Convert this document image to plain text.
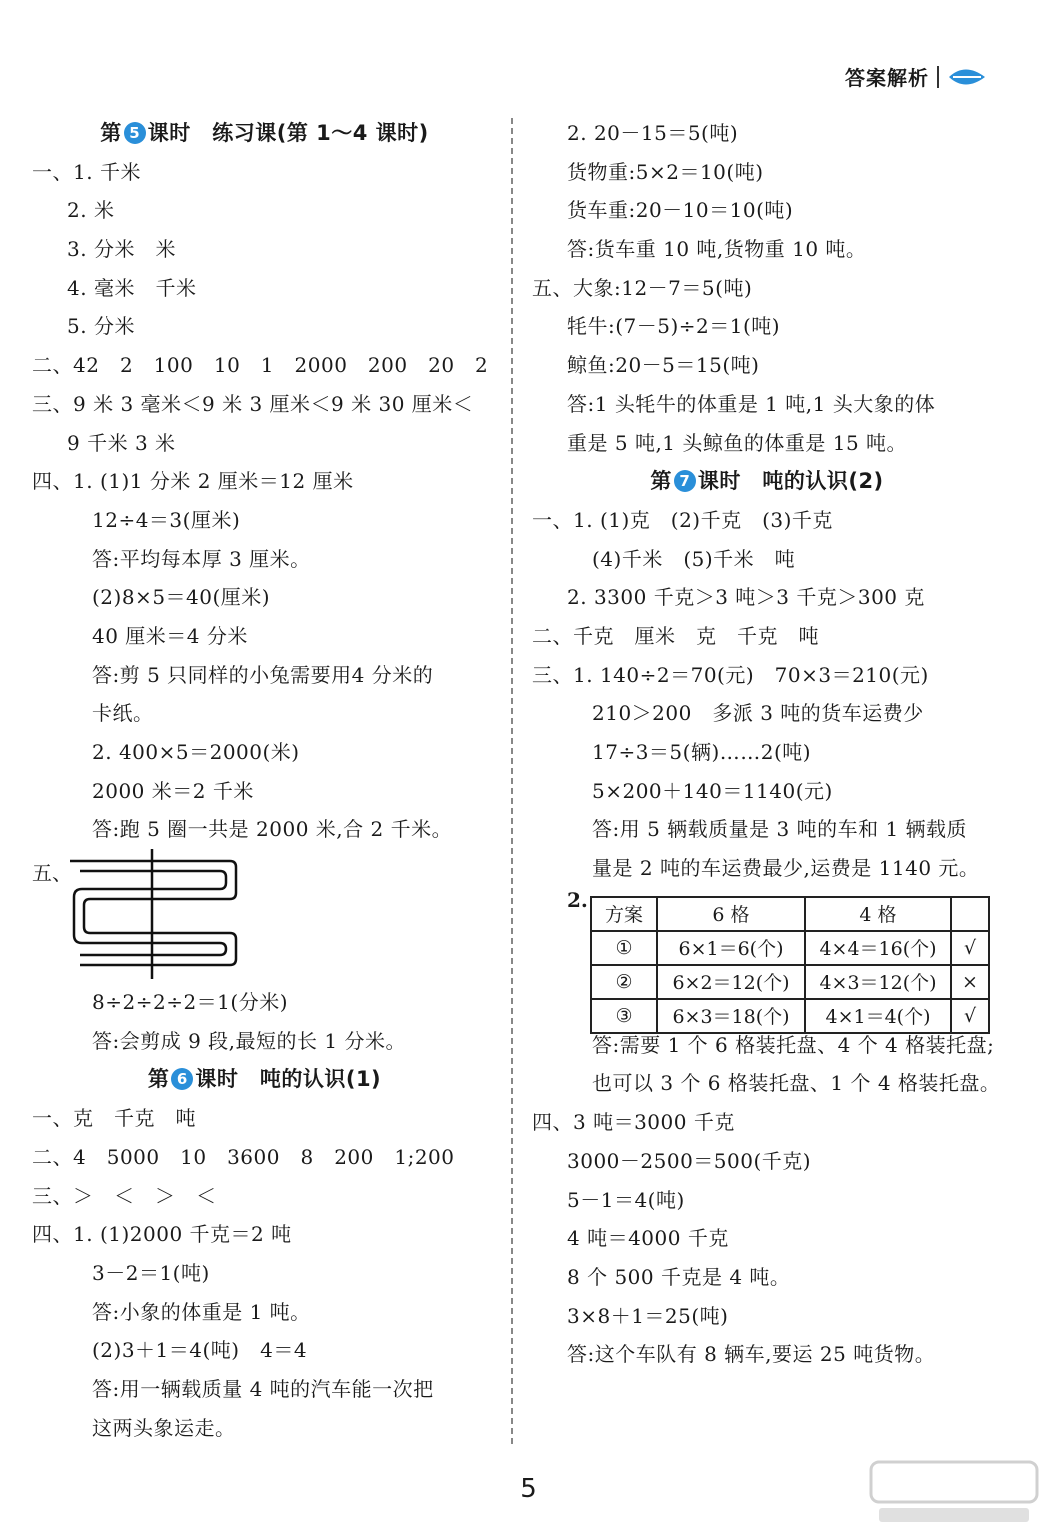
答案解析
第 5 课时　练习课(第 1～4 课时)
一、1. 千米
2. 米
3. 分米　米
4. 毫米　千米
5. 分米
二、42　2　100　10　1　2000　200　20　2
三、9 米 3 毫米＜9 米 3 厘米＜9 米 30 厘米＜
9 千米 3 米
四、1. (1)1 分米 2 厘米＝12 厘米
12÷4＝3(厘米)
答:平均每本厚 3 厘米。
(2)8×5＝40(厘米)
40 厘米＝4 分米
答:剪 5 只同样的小兔需要用4 分米的
卡纸。
2. 400×5＝2000(米)
2000 米＝2 千米
答:跑 5 圈一共是 2000 米,合 2 千米。
五、
8÷2÷2÷2＝1(分米)
答:会剪成 9 段,最短的长 1 分米。
第 6 课时　吨的认识(1)
一、克　千克　吨
二、4　5000　10　3600　8　200　1;200
三、＞　＜　＞　＜
四、1. (1)2000 千克＝2 吨
3－2＝1(吨)
答:小象的体重是 1 吨。
(2)3＋1＝4(吨)　4＝4
答:用一辆载质量 4 吨的汽车能一次把
这两头象运走。
2. 20－15＝5(吨)
货物重:5×2＝10(吨)
货车重:20－10＝10(吨)
答:货车重 10 吨,货物重 10 吨。
五、大象:12－7＝5(吨)
牦牛:(7－5)÷2＝1(吨)
鲸鱼:20－5＝15(吨)
答:1 头牦牛的体重是 1 吨,1 头大象的体
重是 5 吨,1 头鲸鱼的体重是 15 吨。
第 7 课时　吨的认识(2)
一、1. (1)克　(2)千克　(3)千克
(4)千米　(5)千米　吨
2. 3300 千克＞3 吨＞3 千克＞300 克
二、千克　厘米　克　千克　吨
三、1. 140÷2＝70(元)　70×3＝210(元)
210＞200　多派 3 吨的货车运费少
17÷3＝5(辆)……2(吨)
5×200＋140＝1140(元)
答:用 5 辆载质量是 3 吨的车和 1 辆载质
量是 2 吨的车运费最少,运费是 1140 元。
2.
方案	6 格	4 格	
①	6×1＝6(个)	4×4＝16(个)	√
②	6×2＝12(个)	4×3＝12(个)	×
③	6×3＝18(个)	4×1＝4(个)	√
答:需要 1 个 6 格装托盘、4 个 4 格装托盘;
也可以 3 个 6 格装托盘、1 个 4 格装托盘。
四、3 吨＝3000 千克
3000－2500＝500(千克)
5－1＝4(吨)
4 吨＝4000 千克
8 个 500 千克是 4 吨。
3×8＋1＝25(吨)
答:这个车队有 8 辆车,要运 25 吨货物。
5
